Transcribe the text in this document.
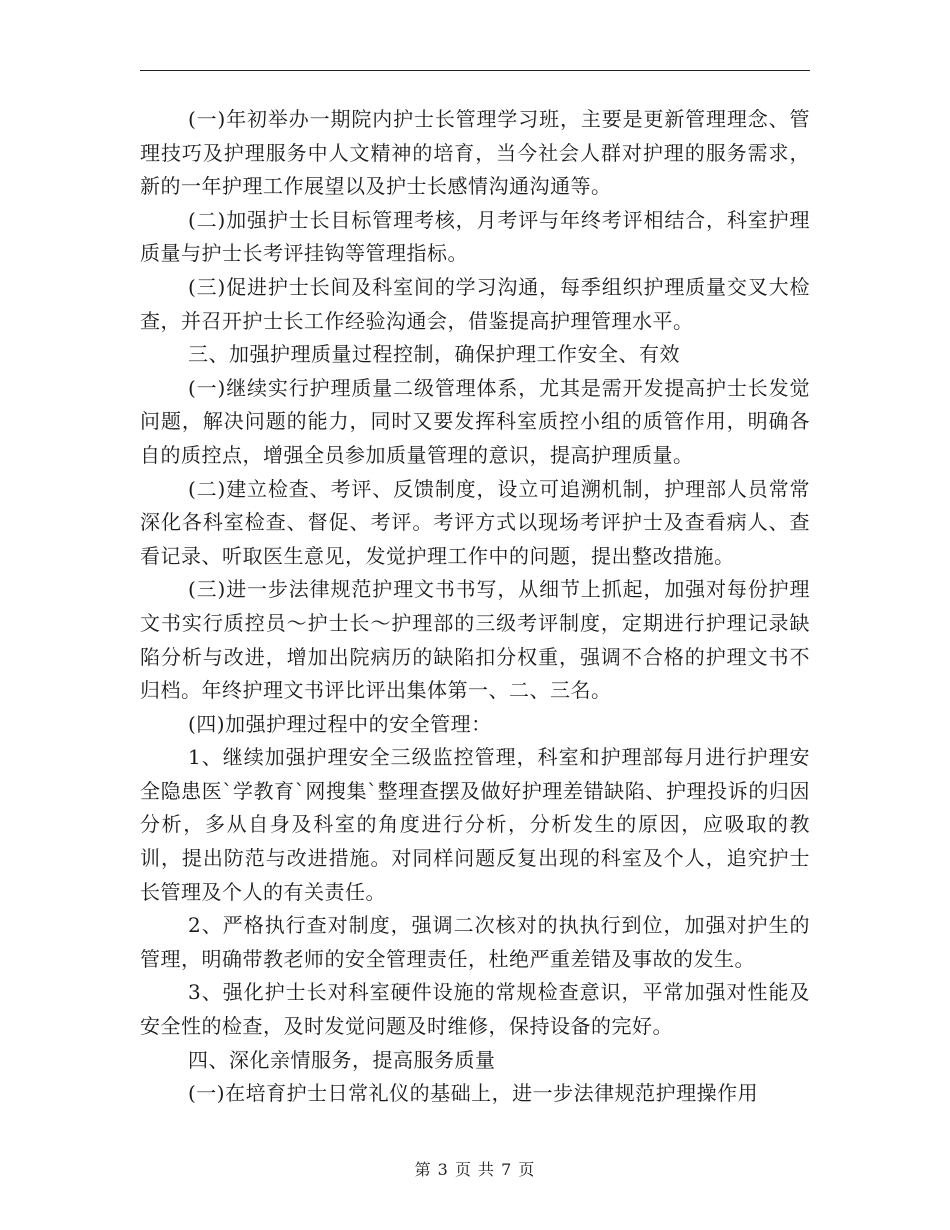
(一)年初举办一期院内护士长管理学习班，主要是更新管理理念、管理技巧及护理服务中人文精神的培育，当今社会人群对护理的服务需求，新的一年护理工作展望以及护士长感情沟通沟通等。

(二)加强护士长目标管理考核，月考评与年终考评相结合，科室护理质量与护士长考评挂钩等管理指标。

(三)促进护士长间及科室间的学习沟通，每季组织护理质量交叉大检查，并召开护士长工作经验沟通会，借鉴提高护理管理水平。

三、加强护理质量过程控制，确保护理工作安全、有效

(一)继续实行护理质量二级管理体系，尤其是需开发提高护士长发觉问题，解决问题的能力，同时又要发挥科室质控小组的质管作用，明确各自的质控点，增强全员参加质量管理的意识，提高护理质量。

(二)建立检查、考评、反馈制度，设立可追溯机制，护理部人员常常深化各科室检查、督促、考评。考评方式以现场考评护士及查看病人、查看记录、听取医生意见，发觉护理工作中的问题，提出整改措施。

(三)进一步法律规范护理文书书写，从细节上抓起，加强对每份护理文书实行质控员～护士长～护理部的三级考评制度，定期进行护理记录缺陷分析与改进，增加出院病历的缺陷扣分权重，强调不合格的护理文书不归档。年终护理文书评比评出集体第一、二、三名。

(四)加强护理过程中的安全管理：

1、继续加强护理安全三级监控管理，科室和护理部每月进行护理安全隐患医`学教育`网搜集`整理查摆及做好护理差错缺陷、护理投诉的归因分析，多从自身及科室的角度进行分析，分析发生的原因，应吸取的教训，提出防范与改进措施。对同样问题反复出现的科室及个人，追究护士长管理及个人的有关责任。

2、严格执行查对制度，强调二次核对的执执行到位，加强对护生的管理，明确带教老师的安全管理责任，杜绝严重差错及事故的发生。

3、强化护士长对科室硬件设施的常规检查意识，平常加强对性能及安全性的检查，及时发觉问题及时维修，保持设备的完好。

四、深化亲情服务，提高服务质量

(一)在培育护士日常礼仪的基础上，进一步法律规范护理操作用

第 3 页 共 7 页
